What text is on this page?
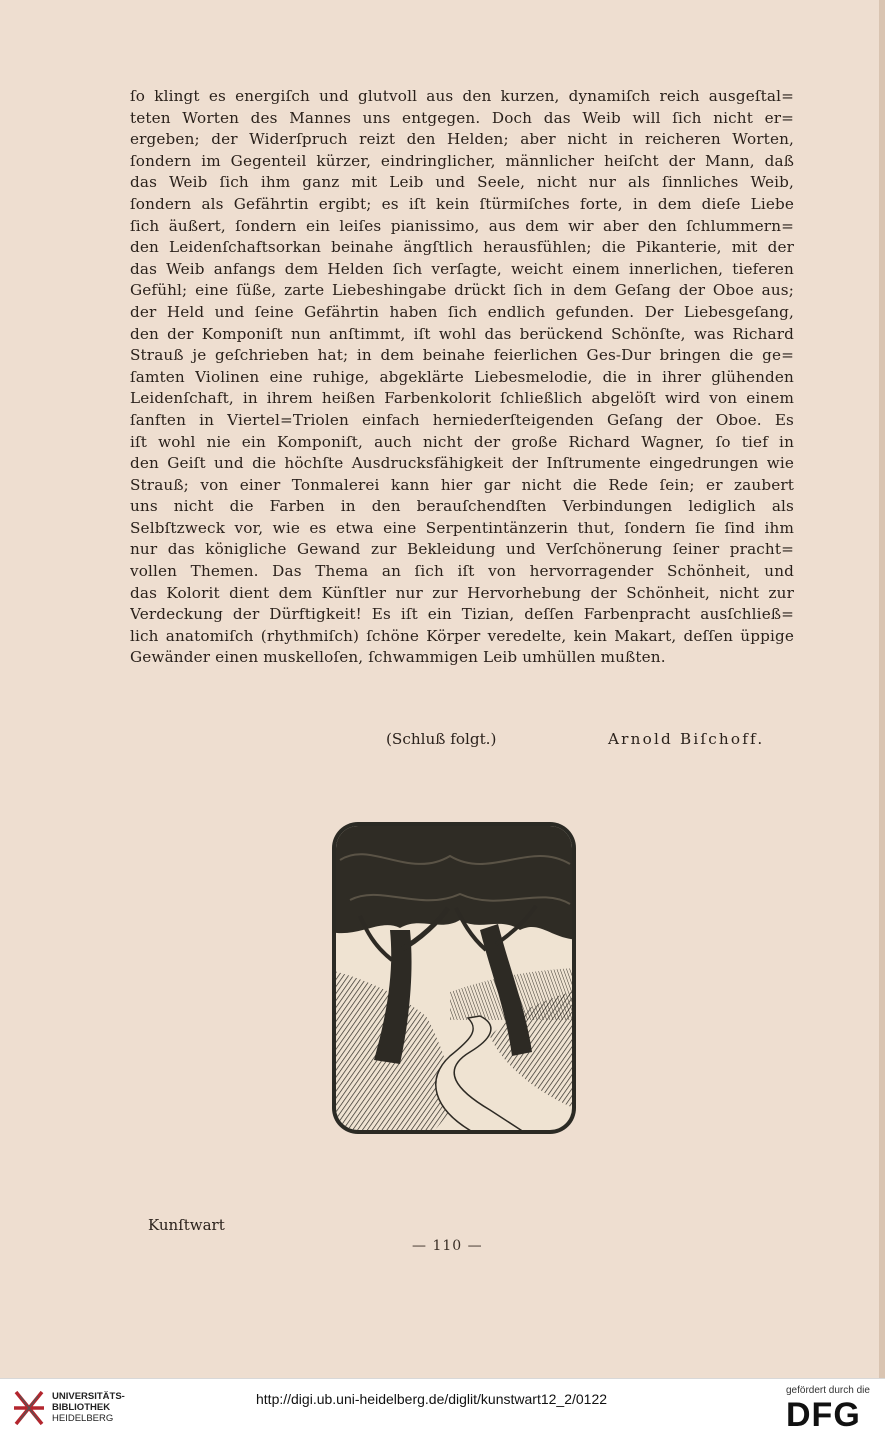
ſo klingt es energiſch und glutvoll aus den kurzen, dynamiſch reich ausgeſtal=
teten Worten des Mannes uns entgegen. Doch das Weib will ſich nicht er=
ergeben; der Widerſpruch reizt den Helden; aber nicht in reicheren Worten,
ſondern im Gegenteil kürzer, eindringlicher, männlicher heiſcht der Mann, daß
das Weib ſich ihm ganz mit Leib und Seele, nicht nur als ſinnliches Weib,
ſondern als Gefährtin ergibt; es iſt kein ſtürmiſches forte, in dem dieſe Liebe
ſich äußert, ſondern ein leiſes pianissimo, aus dem wir aber den ſchlummern=
den Leidenſchaftsorkan beinahe ängſtlich herausfühlen; die Pikanterie, mit der
das Weib anfangs dem Helden ſich verſagte, weicht einem innerlichen, tieferen
Gefühl; eine ſüße, zarte Liebeshingabe drückt ſich in dem Geſang der Oboe aus;
der Held und ſeine Gefährtin haben ſich endlich gefunden. Der Liebesgeſang,
den der Komponiſt nun anſtimmt, iſt wohl das berückend Schönſte, was Richard
Strauß je geſchrieben hat; in dem beinahe feierlichen Ges-Dur bringen die ge=
ſamten Violinen eine ruhige, abgeklärte Liebesmelodie, die in ihrer glühenden
Leidenſchaft, in ihrem heißen Farbenkolorit ſchließlich abgelöſt wird von einem
ſanften in Viertel=Triolen einfach herniederſteigenden Geſang der Oboe. Es
iſt wohl nie ein Komponiſt, auch nicht der große Richard Wagner, ſo tief in
den Geiſt und die höchſte Ausdrucksfähigkeit der Inſtrumente eingedrungen wie
Strauß; von einer Tonmalerei kann hier gar nicht die Rede ſein; er zaubert
uns nicht die Farben in den berauſchendſten Verbindungen lediglich als
Selbſtzweck vor, wie es etwa eine Serpentintänzerin thut, ſondern ſie ſind ihm
nur das königliche Gewand zur Bekleidung und Verſchönerung ſeiner pracht=
vollen Themen. Das Thema an ſich iſt von hervorragender Schönheit, und
das Kolorit dient dem Künſtler nur zur Hervorhebung der Schönheit, nicht zur
Verdeckung der Dürftigkeit! Es iſt ein Tizian, deſſen Farbenpracht ausſchließ=
lich anatomiſch (rhythmiſch) ſchöne Körper veredelte, kein Makart, deſſen üppige
Gewänder einen muskelloſen, ſchwammigen Leib umhüllen mußten.
(Schluß folgt.)	Arnold Biſchoff.
Kunſtwart
— 110 —
UNIVERSITÄTS-
BIBLIOTHEK
HEIDELBERG
http://digi.ub.uni-heidelberg.de/diglit/kunstwart12_2/0122
gefördert durch die
DFG
